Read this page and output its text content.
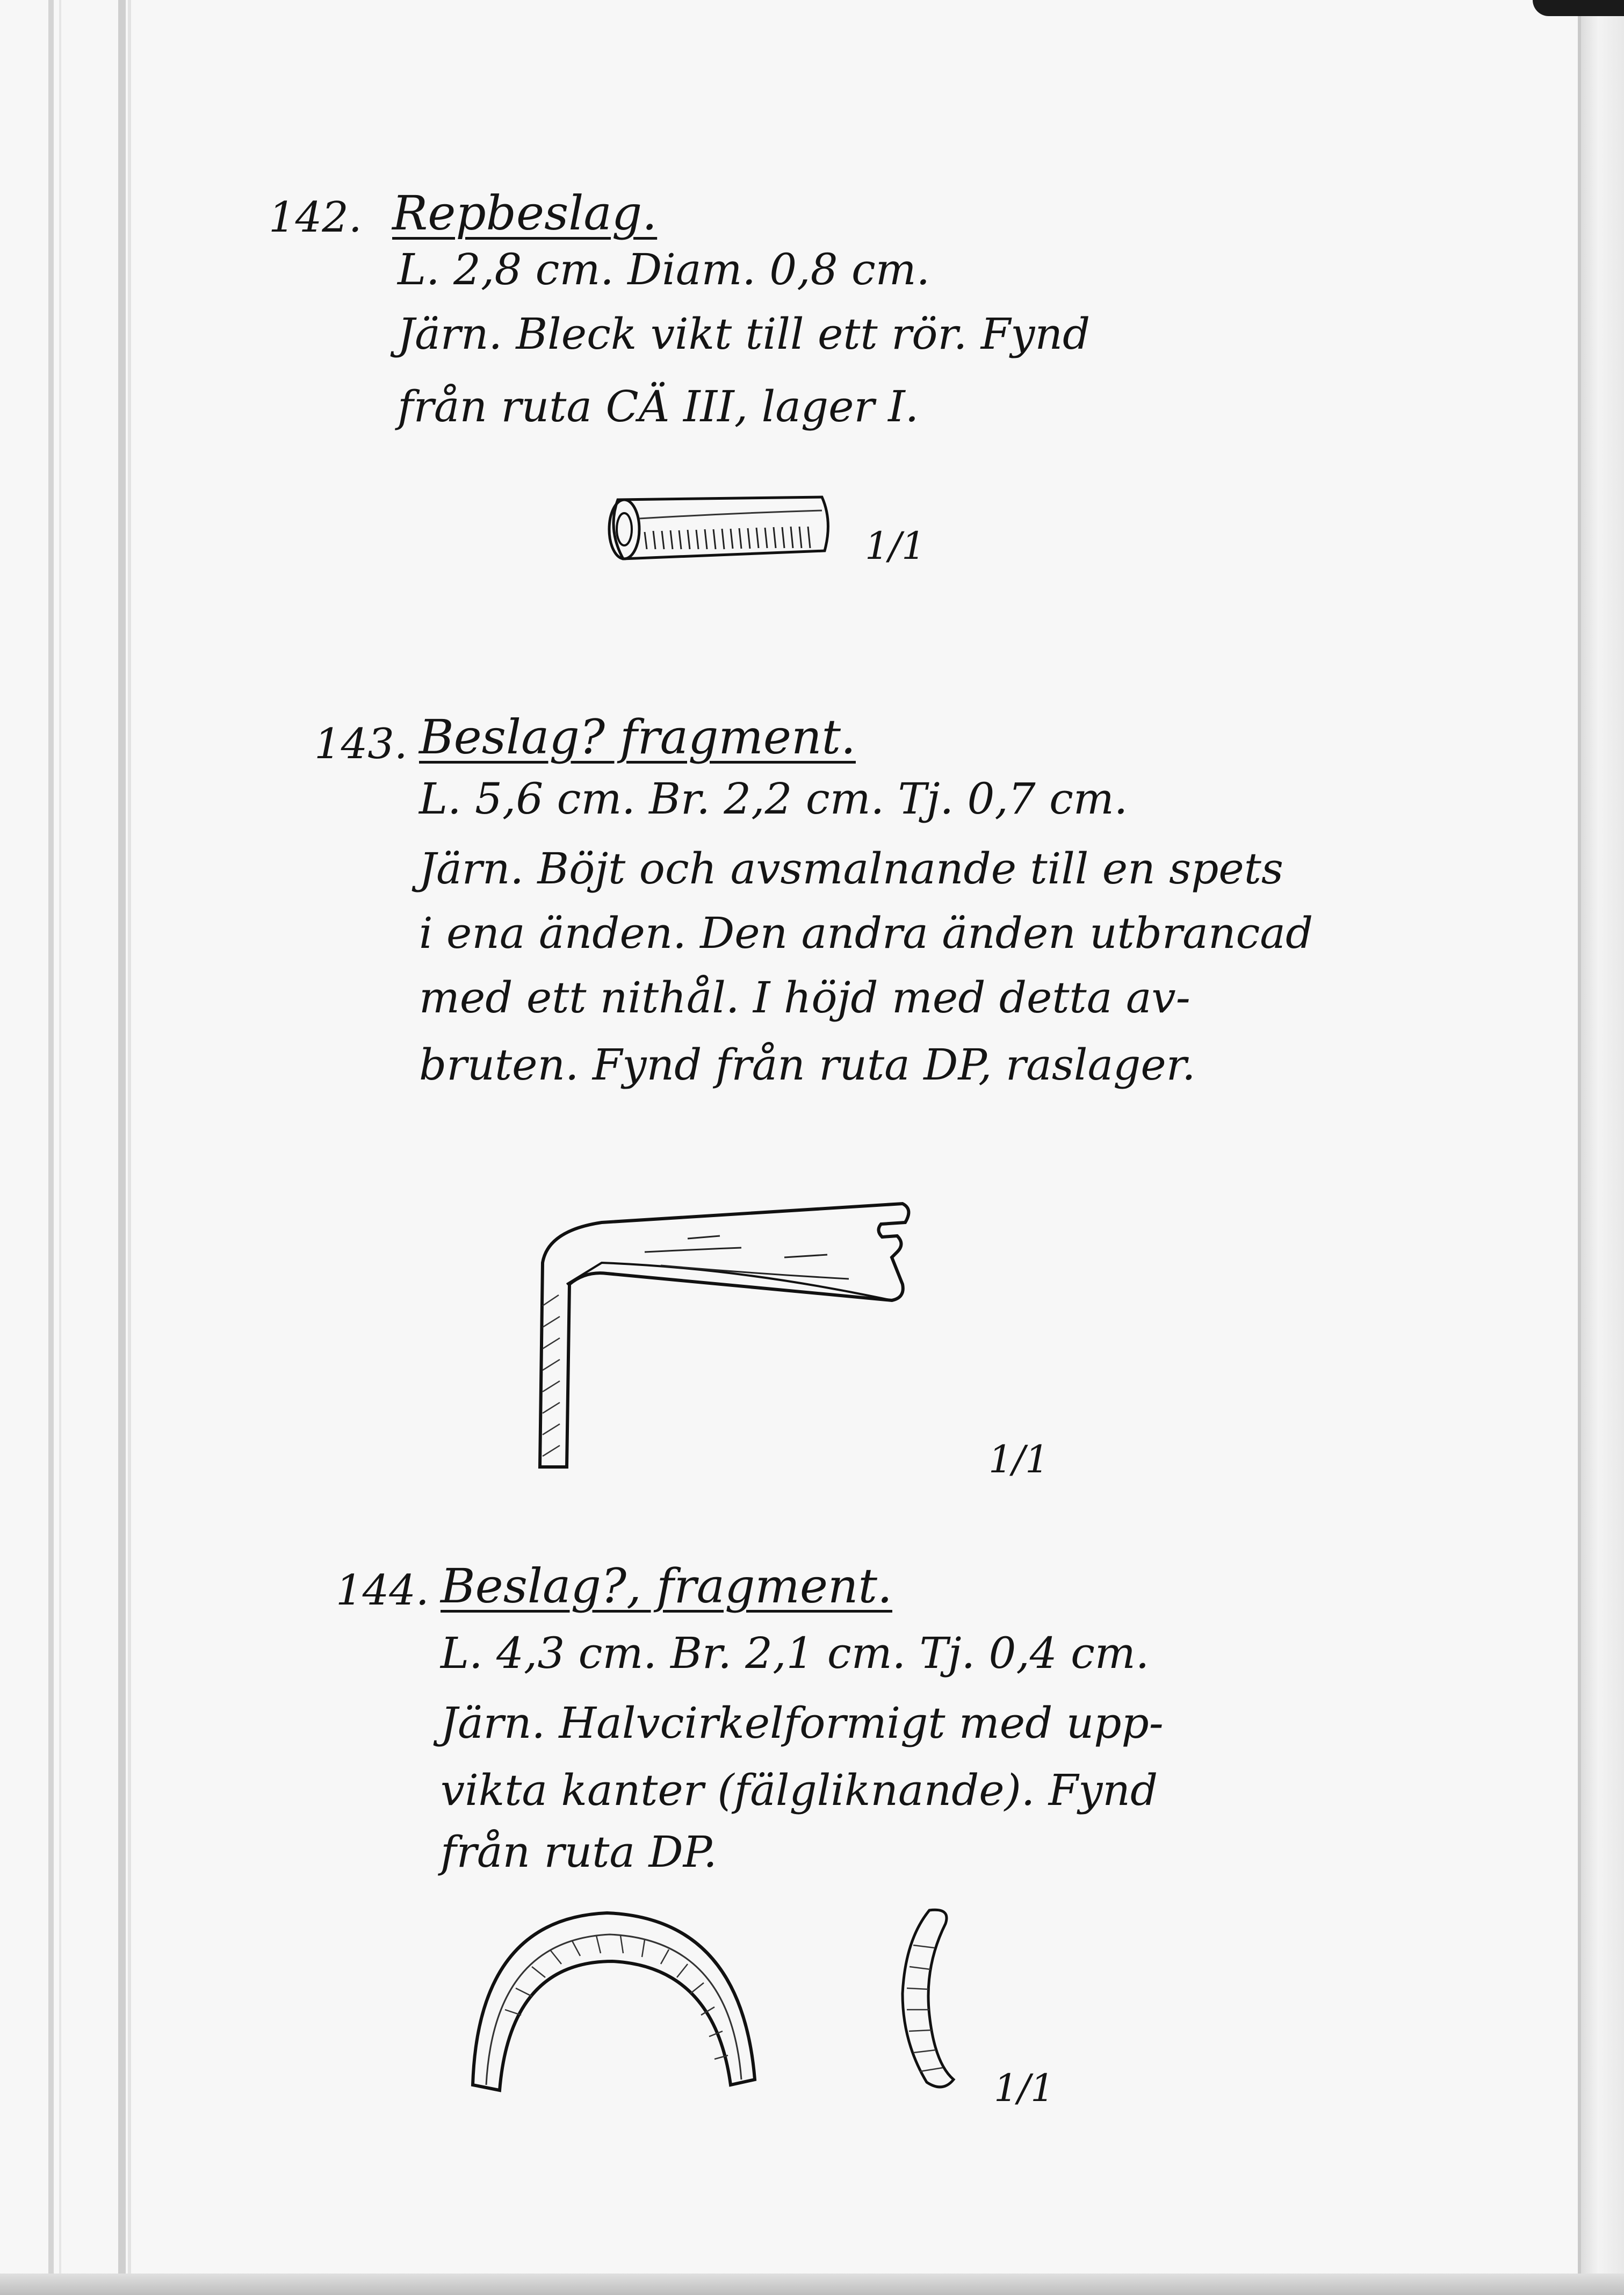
142. Repbeslag.
L. 2,8 cm. Diam. 0,8 cm.
Järn. Bleck vikt till ett rör. Fynd
från rutа CÄ III, lager I.
1/1
143. Beslag? fragment.
L. 5,6 cm. Br. 2,2 cm. Tj. 0,7 cm.
Järn. Böjt och avsmalnande till en spets
i ena änden. Den andra änden utbrancad
med ett nithål. I höjd med detta av-
bruten. Fynd från ruta DP, raslager.
1/1
144. Beslag?, fragment.
L. 4,3 cm. Br. 2,1 cm. Tj. 0,4 cm.
Järn. Halvcirkelformigt med upp-
vikta kanter (fälgliknande). Fynd
från ruta DP.
1/1
